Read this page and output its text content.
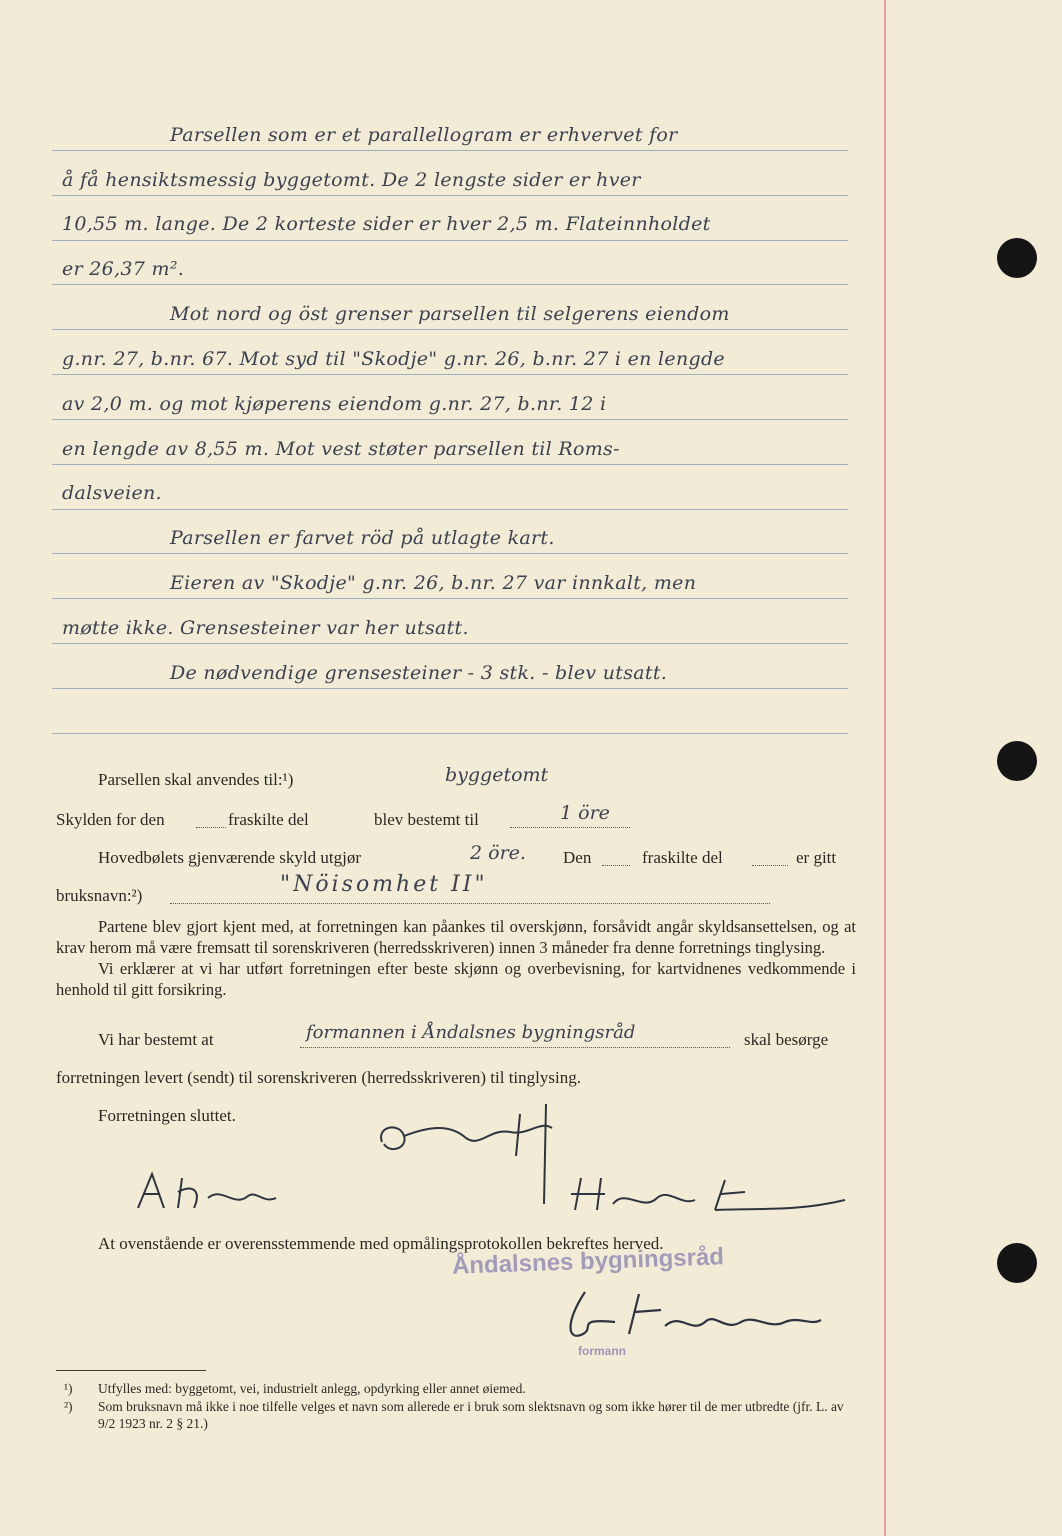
Parsellen som er et parallellogram er erhvervet for
å få hensiktsmessig byggetomt. De 2 lengste sider er hver
10,55 m. lange. De 2 korteste sider er hver 2,5 m. Flateinnholdet
er 26,37 m².
Mot nord og öst grenser parsellen til selgerens eiendom
g.nr. 27, b.nr. 67. Mot syd til "Skodje" g.nr. 26, b.nr. 27 i en lengde
av 2,0 m. og mot kjøperens eiendom g.nr. 27, b.nr. 12 i
en lengde av 8,55 m. Mot vest støter parsellen til Roms-
dalsveien.
Parsellen er farvet röd på utlagte kart.
Eieren av "Skodje" g.nr. 26, b.nr. 27 var innkalt, men
møtte ikke. Grensesteiner var her utsatt.
De nødvendige grensesteiner - 3 stk. - blev utsatt.
Parsellen skal anvendes til:¹)	byggetomt
Skylden for den	fraskilte del	blev bestemt til	1 öre
Hovedbølets gjenværende skyld utgjør	2 öre. Den	fraskilte del	er gitt
bruksnavn:²)	"Nöisomhet II"

Partene blev gjort kjent med, at forretningen kan påankes til overskjønn, forsåvidt angår skyldsansettelsen, og at krav herom må være fremsatt til sorenskriveren (herredsskriveren) innen 3 måneder fra denne forretnings tinglysing.

Vi erklærer at vi har utført forretningen efter beste skjønn og overbevisning, for kartvidnenes vedkommende i henhold til gitt forsikring.

Vi har bestemt at	formannen i Åndalsnes bygningsråd	skal besørge
forretningen levert (sendt) til sorenskriveren (herredsskriveren) til tinglysing.
Forretningen sluttet.
At ovenstående er overensstemmende med opmålingsprotokollen bekreftes herved.
Åndalsnes bygningsråd
formann
¹) Utfylles med: byggetomt, vei, industrielt anlegg, opdyrking eller annet øiemed.
²) Som bruksnavn må ikke i noe tilfelle velges et navn som allerede er i bruk som slektsnavn og som ikke hører til de mer utbredte (jfr. L. av 9/2 1923 nr. 2 § 21.)
